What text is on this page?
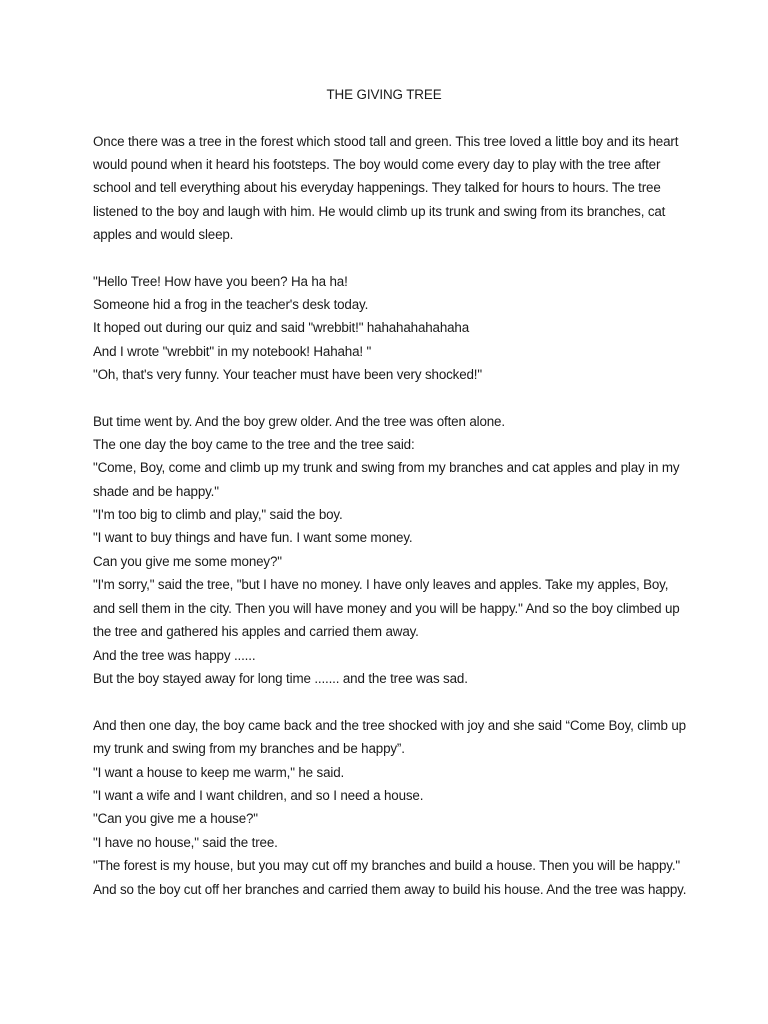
THE GIVING TREE
Once there was a tree in the forest which stood tall and green. This tree loved a little boy and its heart
would pound when it heard his footsteps. The boy would come every day to play with the tree after
school and tell everything about his everyday happenings. They talked for hours to hours. The tree
listened to the boy and laugh with him. He would climb up its trunk and swing from its branches, cat
apples and would sleep.
"Hello Tree! How have you been? Ha ha ha!
Someone hid a frog in the teacher's desk today.
It hoped out during our quiz and said "wrebbit!" hahahahahahaha
And I wrote "wrebbit" in my notebook! Hahaha! "
"Oh, that's very funny. Your teacher must have been very shocked!"
But time went by. And the boy grew older. And the tree was often alone.
The one day the boy came to the tree and the tree said:
"Come, Boy, come and climb up my trunk and swing from my branches and cat apples and play in my
shade and be happy."
"I'm too big to climb and play," said the boy.
"I want to buy things and have fun. I want some money.
Can you give me some money?"
"I'm sorry," said the tree, "but I have no money. I have only leaves and apples. Take my apples, Boy,
and sell them in the city. Then you will have money and you will be happy." And so the boy climbed up
the tree and gathered his apples and carried them away.
And the tree was happy ......
But the boy stayed away for long time ....... and the tree was sad.
And then one day, the boy came back and the tree shocked with joy and she said “Come Boy, climb up
my trunk and swing from my branches and be happy”.
"I want a house to keep me warm," he said.
"I want a wife and I want children, and so I need a house.
"Can you give me a house?"
"I have no house," said the tree.
"The forest is my house, but you may cut off my branches and build a house. Then you will be happy."
And so the boy cut off her branches and carried them away to build his house. And the tree was happy.
